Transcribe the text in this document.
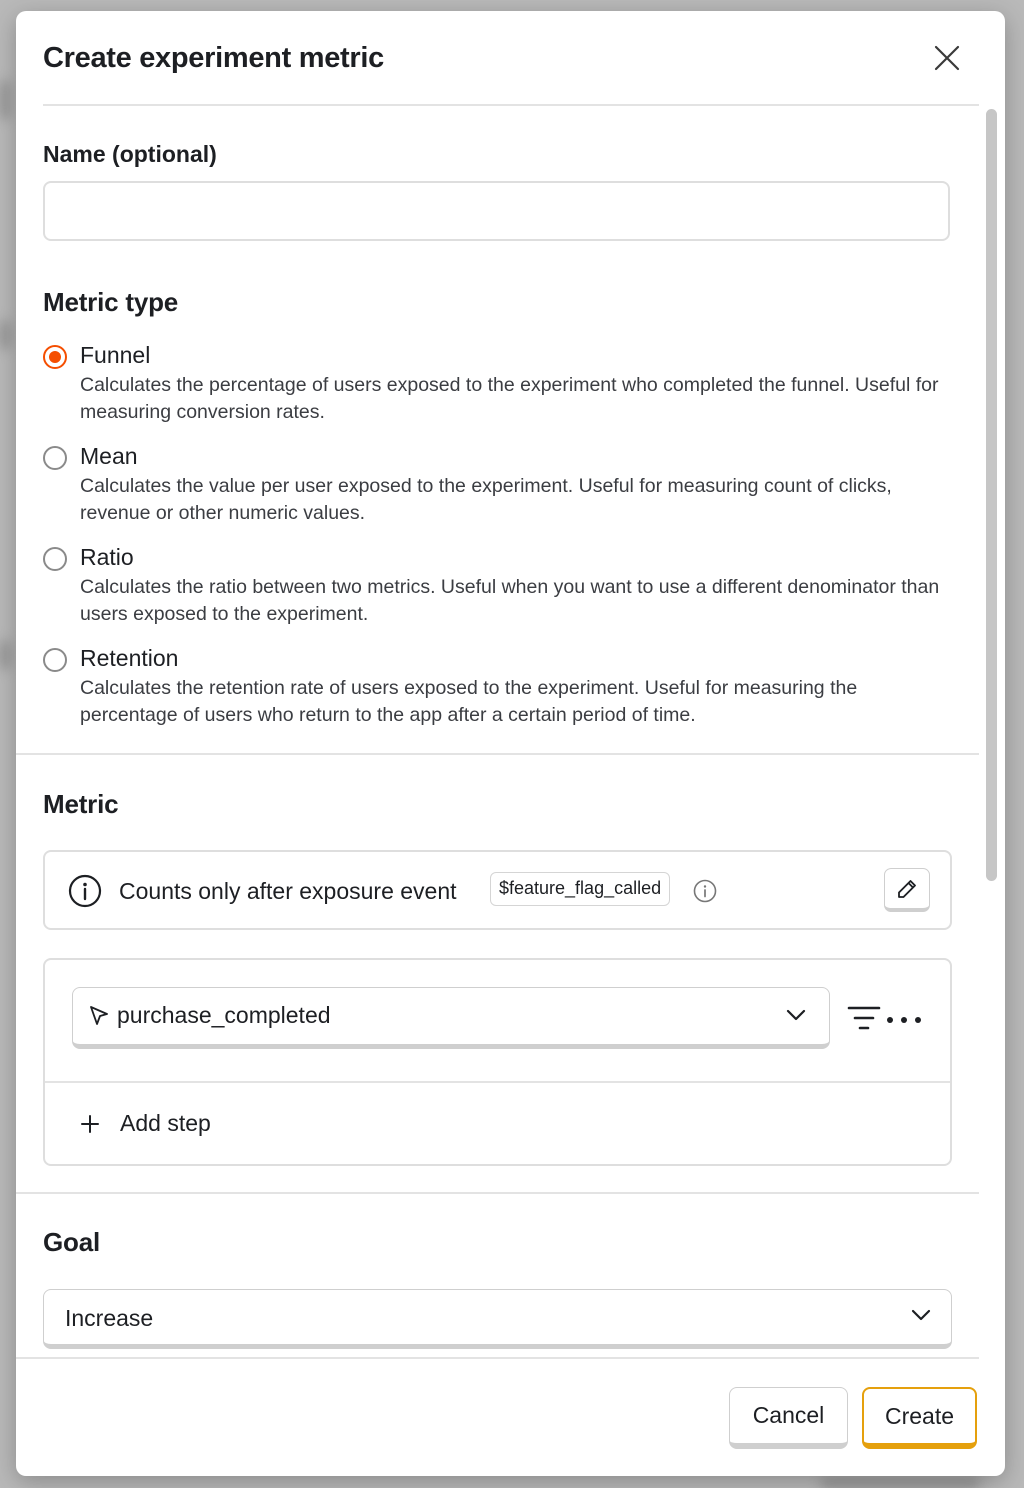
Create experiment metric
Name (optional)
Metric type
Funnel
Calculates the percentage of users exposed to the experiment who completed the funnel. Useful for measuring conversion rates.
Mean
Calculates the value per user exposed to the experiment. Useful for measuring count of clicks, revenue or other numeric values.
Ratio
Calculates the ratio between two metrics. Useful when you want to use a different denominator than users exposed to the experiment.
Retention
Calculates the retention rate of users exposed to the experiment. Useful for measuring the percentage of users who return to the app after a certain period of time.
Metric
Counts only after exposure event	$feature_flag_called
purchase_completed
Add step
Goal
Increase
Cancel	Create
